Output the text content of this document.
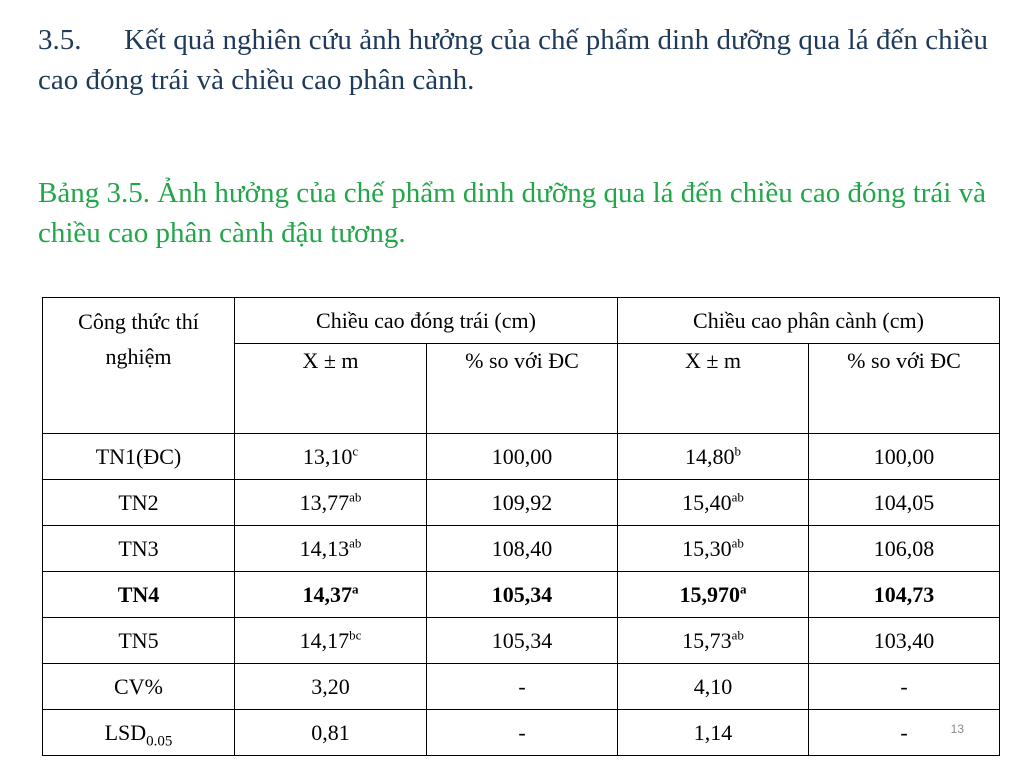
3.5. Kết quả nghiên cứu ảnh hưởng của chế phẩm dinh dưỡng qua lá đến chiều cao đóng trái và chiều cao phân cành.

Bảng 3.5. Ảnh hưởng của chế phẩm dinh dưỡng qua lá đến chiều cao đóng trái và chiều cao phân cành đậu tương.

Công thức thí nghiệm	Chiều cao đóng trái (cm)		Chiều cao phân cành (cm)	
	X ± m	% so với ĐC	X ± m	% so với ĐC
TN1(ĐC)	13,10$^c$	100,00	14,80$^b$	100,00
TN2	13,77$^{ab}$	109,92	15,40$^{ab}$	104,05
TN3	14,13$^{ab}$	108,40	15,30$^{ab}$	106,08
TN4	14,37$^a$	105,34	15,970$^a$	104,73
TN5	14,17$^{bc}$	105,34	15,73$^{ab}$	103,40
CV%	3,20	-	4,10	-
$LSD_{0.05}$	0,81	-	1,14	-	13
